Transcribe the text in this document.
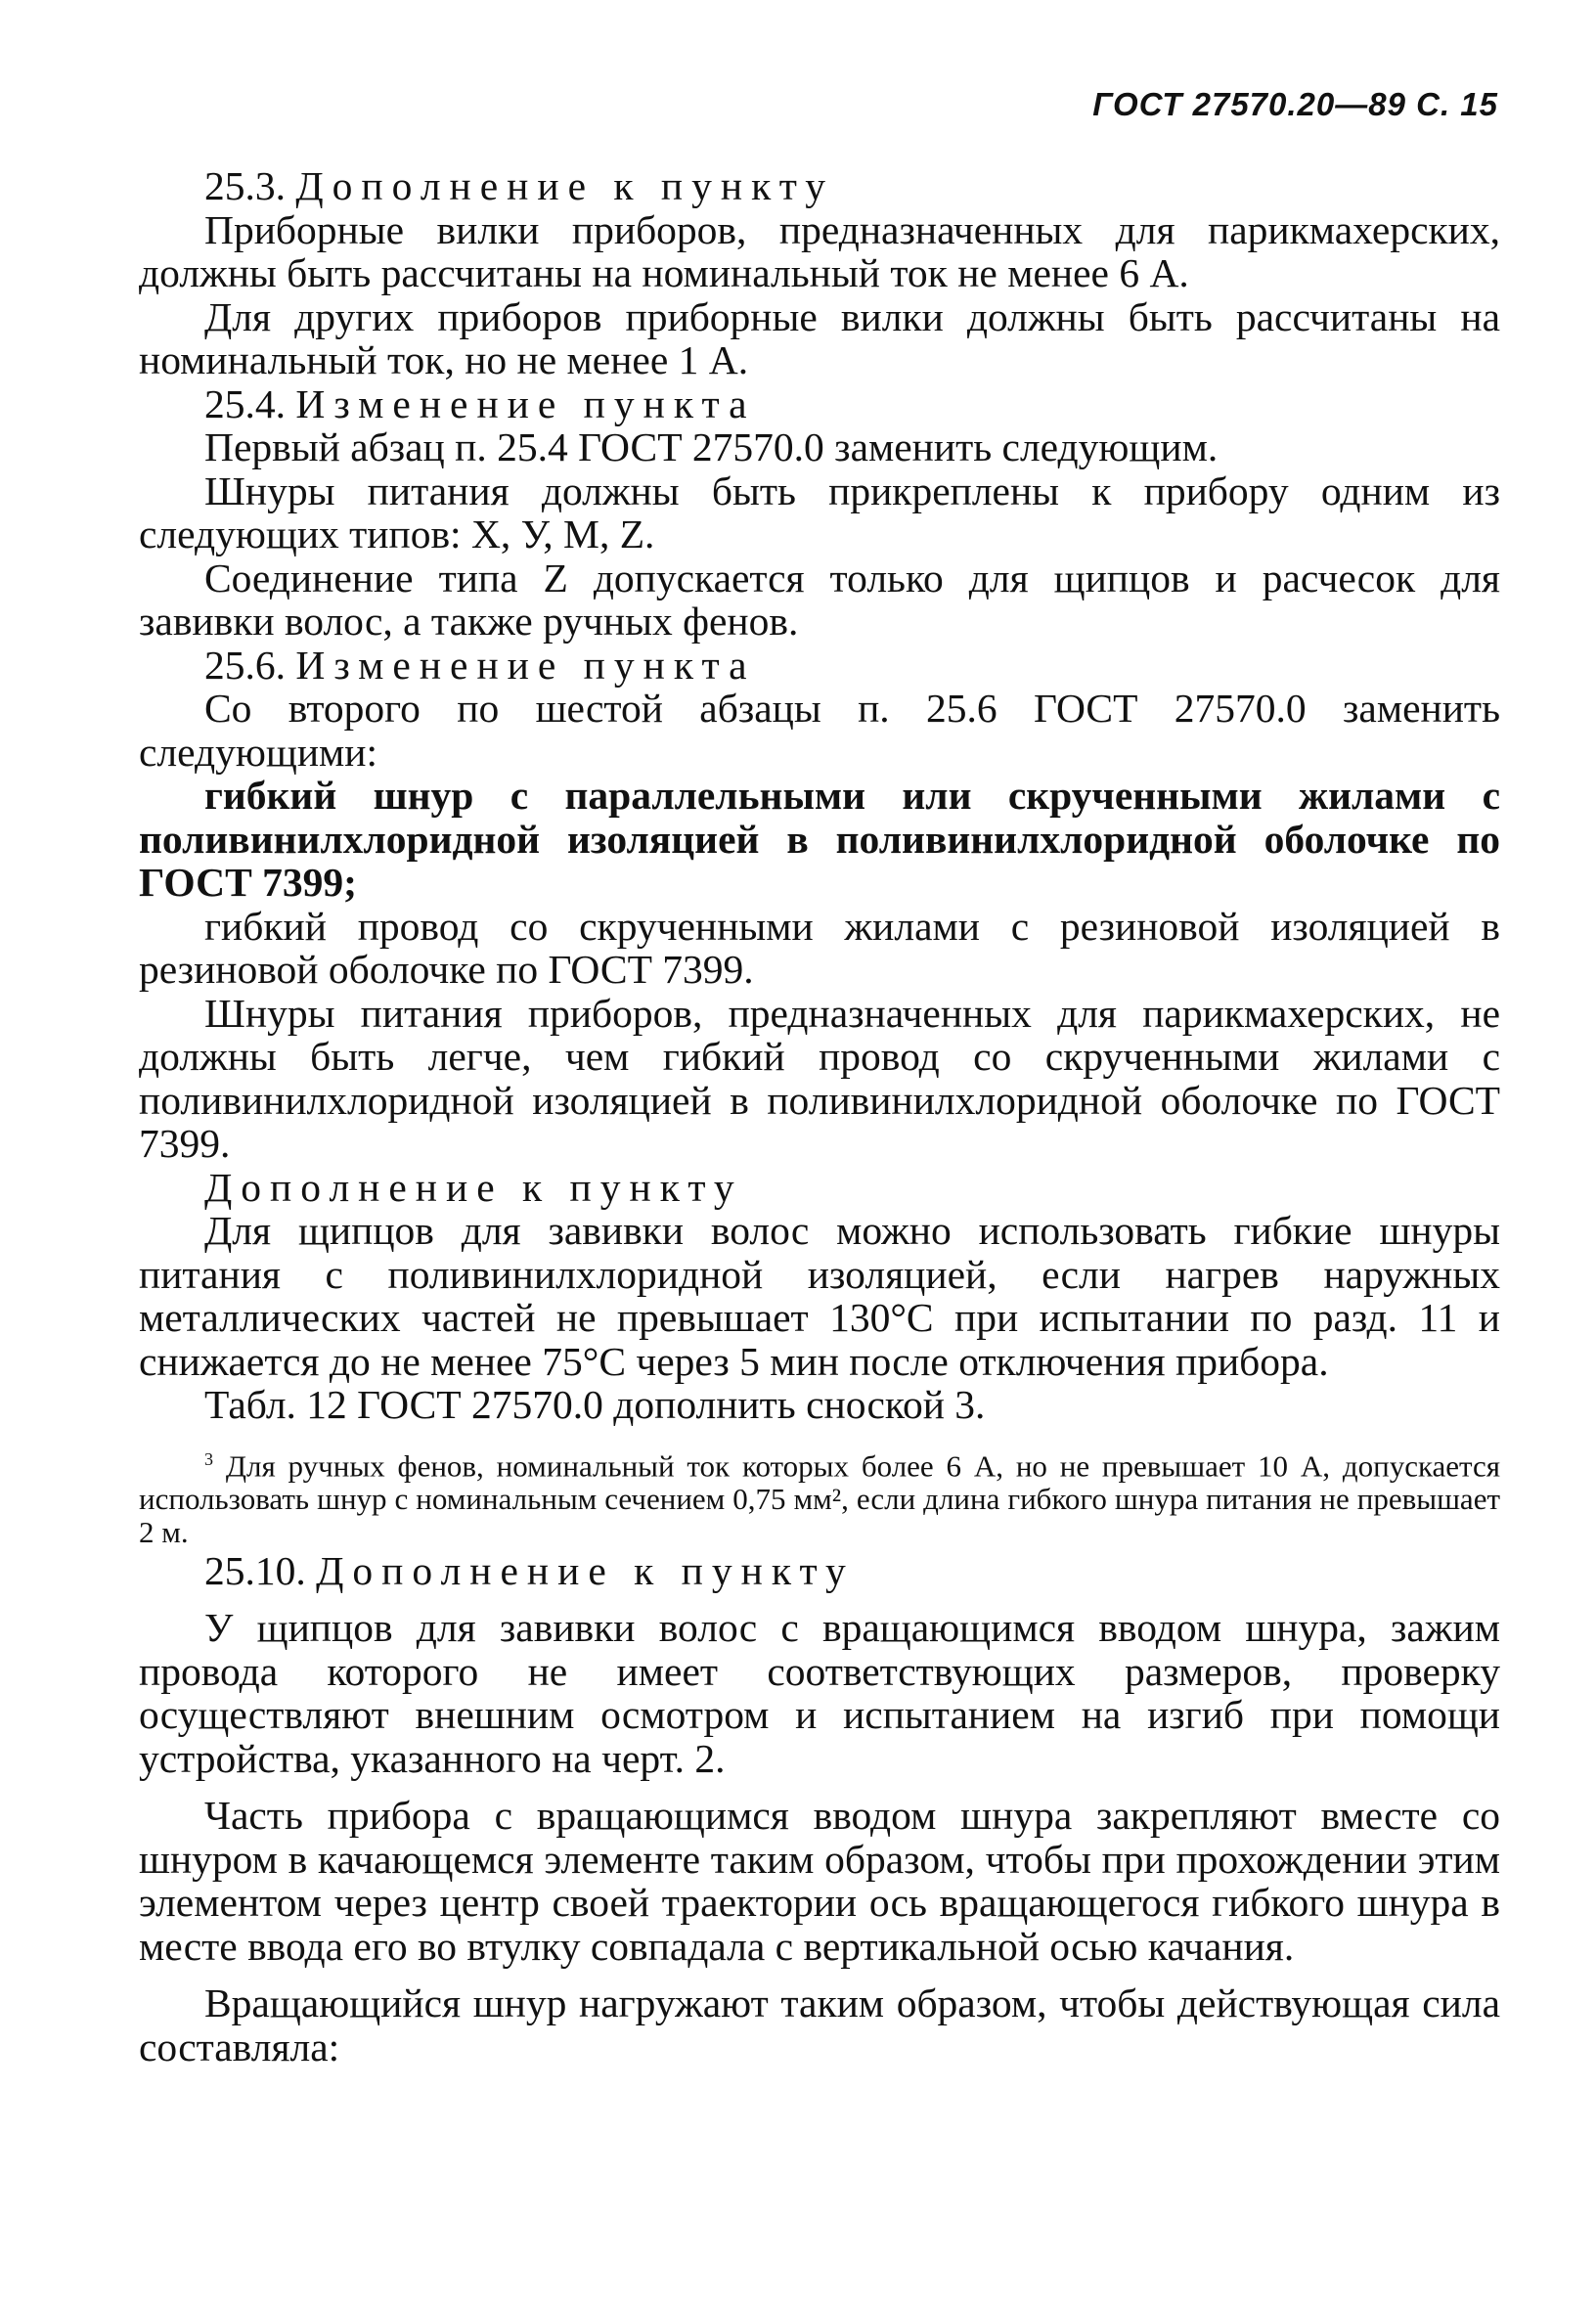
ГОСТ 27570.20—89 С. 15

25.3. Дополнение к пункту

Приборные вилки приборов, предназначенных для парикмахерских, должны быть рассчитаны на номинальный ток не менее 6 А.

Для других приборов приборные вилки должны быть рассчитаны на номинальный ток, но не менее 1 А.

25.4. Изменение пункта

Первый абзац п. 25.4 ГОСТ 27570.0 заменить следующим.

Шнуры питания должны быть прикреплены к прибору одним из следующих типов: X, У, М, Z.

Соединение типа Z допускается только для щипцов и расчесок для завивки волос, а также ручных фенов.

25.6. Изменение пункта

Со второго по шестой абзацы п. 25.6 ГОСТ 27570.0 заменить следующими:

гибкий шнур с параллельными или скрученными жилами с поливинилхлоридной изоляцией в поливинилхлоридной оболочке по ГОСТ 7399;

гибкий провод со скрученными жилами с резиновой изоляцией в резиновой оболочке по ГОСТ 7399.

Шнуры питания приборов, предназначенных для парикмахерских, не должны быть легче, чем гибкий провод со скрученными жилами с поливинилхлоридной изоляцией в поливинилхлоридной оболочке по ГОСТ 7399.

Дополнение к пункту

Для щипцов для завивки волос можно использовать гибкие шнуры питания с поливинилхлоридной изоляцией, если нагрев наружных металлических частей не превышает 130°С при испытании по разд. 11 и снижается до не менее 75°С через 5 мин после отключения прибора.

Табл. 12 ГОСТ 27570.0 дополнить сноской 3.

$^3$ Для ручных фенов, номинальный ток которых более 6 А, но не превышает 10 А, допускается использовать шнур с номинальным сечением 0,75 мм², если длина гибкого шнура питания не превышает 2 м.

25.10. Дополнение к пункту

У щипцов для завивки волос с вращающимся вводом шнура, зажим провода которого не имеет соответствующих размеров, проверку осуществляют внешним осмотром и испытанием на изгиб при помощи устройства, указанного на черт. 2.

Часть прибора с вращающимся вводом шнура закрепляют вместе со шнуром в качающемся элементе таким образом, чтобы при прохождении этим элементом через центр своей траектории ось вращающегося гибкого шнура в месте ввода его во втулку совпадала с вертикальной осью качания.

Вращающийся шнур нагружают таким образом, чтобы действующая сила составляла:
